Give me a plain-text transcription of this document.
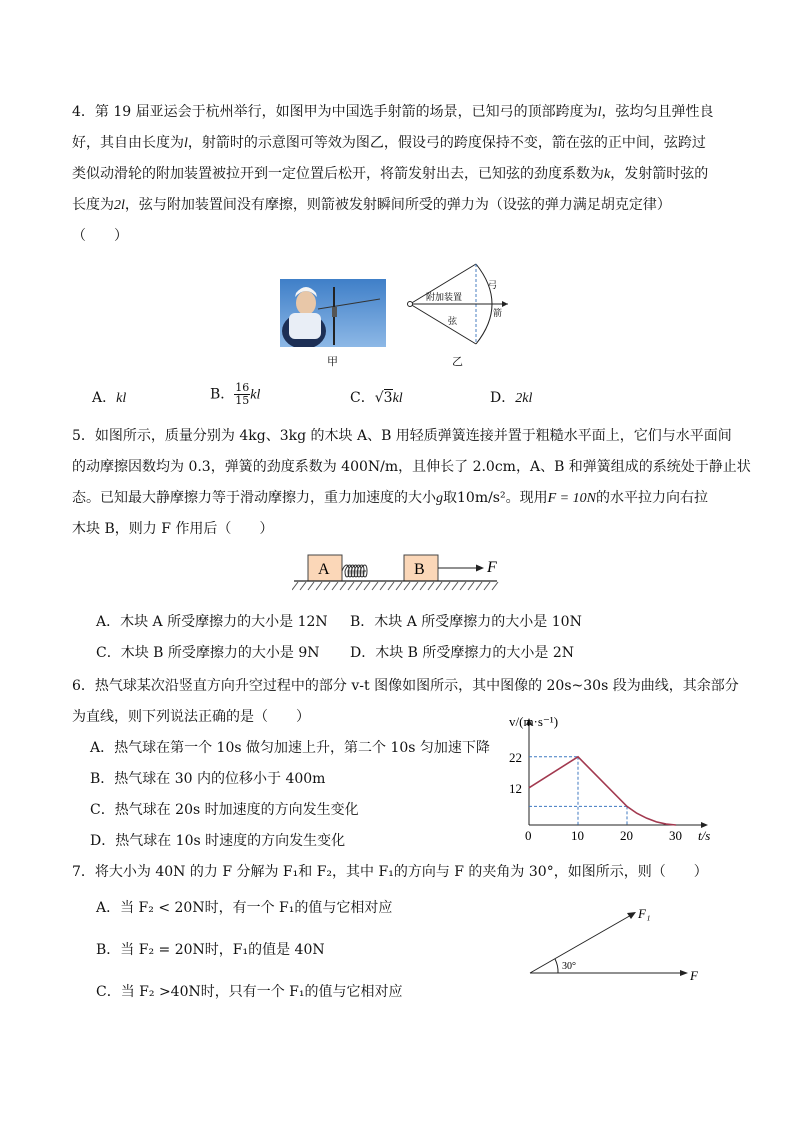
4．第 19 届亚运会于杭州举行，如图甲为中国选手射箭的场景，已知弓的顶部跨度为l，弦均匀且弹性良
好，其自由长度为l，射箭时的示意图可等效为图乙，假设弓的跨度保持不变，箭在弦的正中间，弦跨过
类似动滑轮的附加装置被拉开到一定位置后松开，将箭发射出去，已知弦的劲度系数为k，发射箭时弦的
长度为2l，弦与附加装置间没有摩擦，则箭被发射瞬间所受的弹力为（设弦的弹力满足胡克定律）
（　　）
甲
附加装置
弓
弦
箭
乙
A．kl	B． $\frac{16}{15}$ kl	C．√3kl	D．2kl
5．如图所示，质量分别为 4kg、3kg 的木块 A、B 用轻质弹簧连接并置于粗糙水平面上，它们与水平面间
的动摩擦因数均为 0.3，弹簧的劲度系数为 400N/m，且伸长了 2.0cm，A、B 和弹簧组成的系统处于静止状
态。已知最大静摩擦力等于滑动摩擦力，重力加速度的大小g取10m/s²。现用F = 10N的水平拉力向右拉
木块 B，则力 F 作用后（　　）
A	B	F
A．木块 A 所受摩擦力的大小是 12N B．木块 A 所受摩擦力的大小是 10N
C．木块 B 所受摩擦力的大小是 9N D．木块 B 所受摩擦力的大小是 2N
6．热气球某次沿竖直方向升空过程中的部分 v-t 图像如图所示，其中图像的 20s~30s 段为曲线，其余部分
为直线，则下列说法正确的是（　　）
A．热气球在第一个 10s 做匀加速上升，第二个 10s 匀加速下降
B．热气球在 30 内的位移小于 400m
C．热气球在 20s 时加速度的方向发生变化
D．热气球在 10s 时速度的方向发生变化	0	10	20	30
12
22
v/(m·s⁻¹)
t/s
7．将大小为 40N 的力 F 分解为 F₁和 F₂，其中 F₁的方向与 F 的夹角为 30°，如图所示，则（　　）
A．当 F₂ < 20N时，有一个 F₁的值与它相对应
B．当 F₂ = 20N时，F₁的值是 40N
C．当 F₂ >40N时，只有一个 F₁的值与它相对应
30°
F₁
F
